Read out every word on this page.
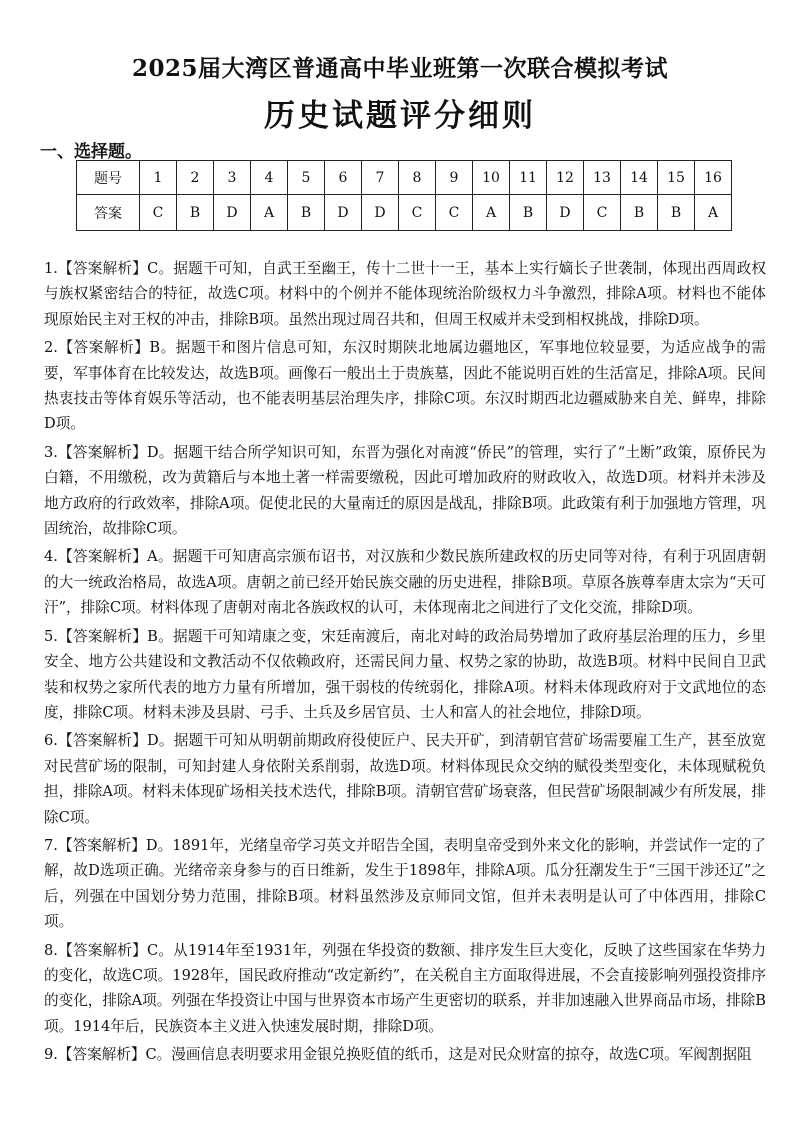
2025届大湾区普通高中毕业班第一次联合模拟考试
历史试题评分细则
一、选择题。
题号	1	2	3	4	5	6	7	8	9	10	11	12	13	14	15	16
答案	C	B	D	A	B	D	D	C	C	A	B	D	C	B	B	A

1.【答案解析】C。据题干可知，自武王至幽王，传十二世十一王，基本上实行嫡长子世袭制，体现出西周政权与族权紧密结合的特征，故选C项。材料中的个例并不能体现统治阶级权力斗争激烈，排除A项。材料也不能体现原始民主对王权的冲击，排除B项。虽然出现过周召共和，但周王权威并未受到相权挑战，排除D项。

2.【答案解析】B。据题干和图片信息可知，东汉时期陕北地属边疆地区，军事地位较显要，为适应战争的需要，军事体育在比较发达，故选B项。画像石一般出土于贵族墓，因此不能说明百姓的生活富足，排除A项。民间热衷技击等体育娱乐等活动，也不能表明基层治理失序，排除C项。东汉时期西北边疆威胁来自羌、鲜卑，排除D项。

3.【答案解析】D。据题干结合所学知识可知，东晋为强化对南渡“侨民”的管理，实行了“土断”政策，原侨民为白籍，不用缴税，改为黄籍后与本地土著一样需要缴税，因此可增加政府的财政收入，故选D项。材料并未涉及地方政府的行政效率，排除A项。促使北民的大量南迁的原因是战乱，排除B项。此政策有利于加强地方管理，巩固统治，故排除C项。

4.【答案解析】A。据题干可知唐高宗颁布诏书，对汉族和少数民族所建政权的历史同等对待，有利于巩固唐朝的大一统政治格局，故选A项。唐朝之前已经开始民族交融的历史进程，排除B项。草原各族尊奉唐太宗为“天可汗”，排除C项。材料体现了唐朝对南北各族政权的认可，未体现南北之间进行了文化交流，排除D项。

5.【答案解析】B。据题干可知靖康之变，宋廷南渡后，南北对峙的政治局势增加了政府基层治理的压力，乡里安全、地方公共建设和文教活动不仅依赖政府，还需民间力量、权势之家的协助，故选B项。材料中民间自卫武装和权势之家所代表的地方力量有所增加，强干弱枝的传统弱化，排除A项。材料未体现政府对于文武地位的态度，排除C项。材料未涉及县尉、弓手、土兵及乡居官员、士人和富人的社会地位，排除D项。

6.【答案解析】D。据题干可知从明朝前期政府役使匠户、民夫开矿，到清朝官营矿场需要雇工生产，甚至放宽对民营矿场的限制，可知封建人身依附关系削弱，故选D项。材料体现民众交纳的赋役类型变化，未体现赋税负担，排除A项。材料未体现矿场相关技术迭代，排除B项。清朝官营矿场衰落，但民营矿场限制减少有所发展，排除C项。

7.【答案解析】D。1891年，光绪皇帝学习英文并昭告全国，表明皇帝受到外来文化的影响，并尝试作一定的了解，故D选项正确。光绪帝亲身参与的百日维新，发生于1898年，排除A项。瓜分狂潮发生于“三国干涉还辽”之后，列强在中国划分势力范围，排除B项。材料虽然涉及京师同文馆，但并未表明是认可了中体西用，排除C项。

8.【答案解析】C。从1914年至1931年，列强在华投资的数额、排序发生巨大变化，反映了这些国家在华势力的变化，故选C项。1928年，国民政府推动“改定新约”，在关税自主方面取得进展，不会直接影响列强投资排序的变化，排除A项。列强在华投资让中国与世界资本市场产生更密切的联系，并非加速融入世界商品市场，排除B项。1914年后，民族资本主义进入快速发展时期，排除D项。

9.【答案解析】C。漫画信息表明要求用金银兑换贬值的纸币，这是对民众财富的掠夺，故选C项。军阀割据阻
